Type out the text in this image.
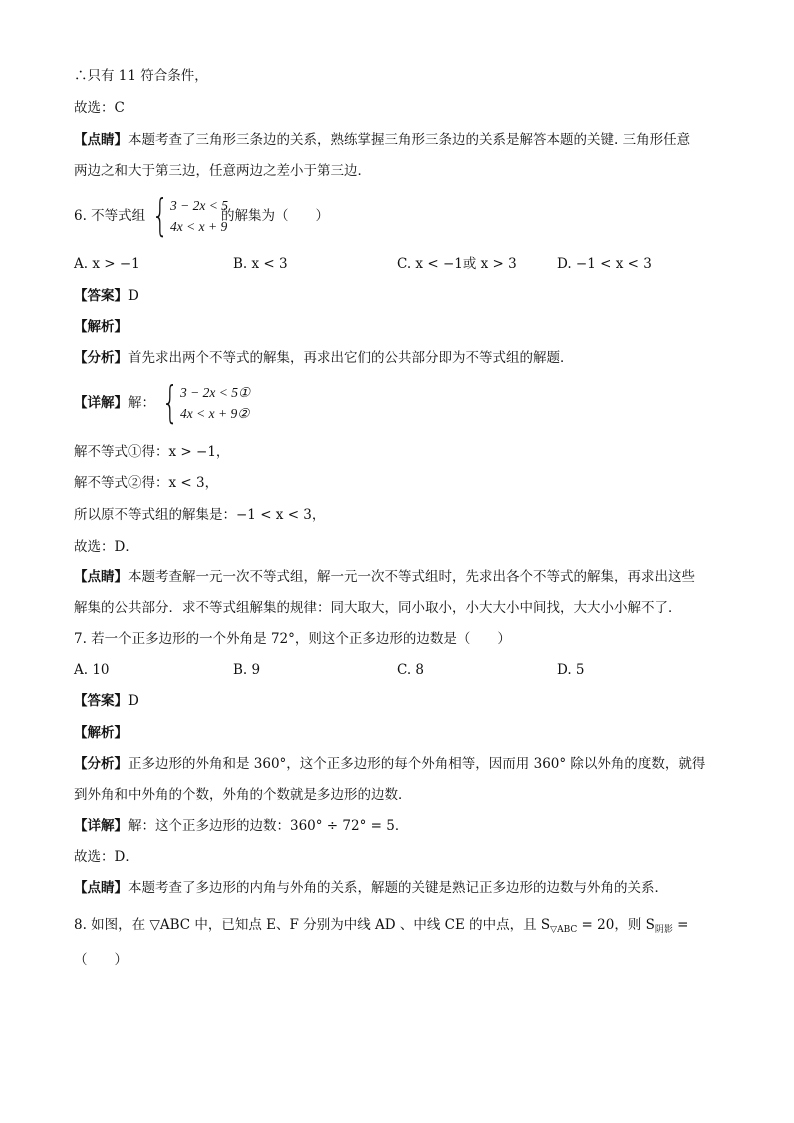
∴只有 11 符合条件，
故选：C
【点睛】本题考查了三角形三条边的关系，熟练掌握三角形三条边的关系是解答本题的关键. 三角形任意
两边之和大于第三边，任意两边之差小于第三边．
6. 不等式组 { 3 − 2x < 5
4x < x + 9
的解集为（　　）
A. x > −1	B. x < 3	C. x < −1或 x > 3	D. −1 < x < 3
【答案】D
【解析】
【分析】首先求出两个不等式的解集，再求出它们的公共部分即为不等式组的解题．
【详解】解： { 3 − 2x < 5①
4x < x + 9②
解不等式①得：x > −1，
解不等式②得：x < 3，
所以原不等式组的解集是：−1 < x < 3，
故选：D．
【点睛】本题考查解一元一次不等式组，解一元一次不等式组时，先求出各个不等式的解集，再求出这些
解集的公共部分．求不等式组解集的规律：同大取大，同小取小，小大大小中间找，大大小小解不了．
7. 若一个正多边形的一个外角是 72°，则这个正多边形的边数是（　　）
A. 10	B. 9	C. 8	D. 5
【答案】D
【解析】
【分析】正多边形的外角和是 360°，这个正多边形的每个外角相等，因而用 360° 除以外角的度数，就得
到外角和中外角的个数，外角的个数就是多边形的边数．
【详解】解：这个正多边形的边数：360° ÷ 72° = 5．
故选：D．
【点睛】本题考查了多边形的内角与外角的关系，解题的关键是熟记正多边形的边数与外角的关系．
8. 如图，在 ▽ABC 中，已知点 E、F 分别为中线 AD 、中线 CE 的中点，且 $S_{▽ABC} = 20$，则 $S_{阴影}$ =
（　　）
